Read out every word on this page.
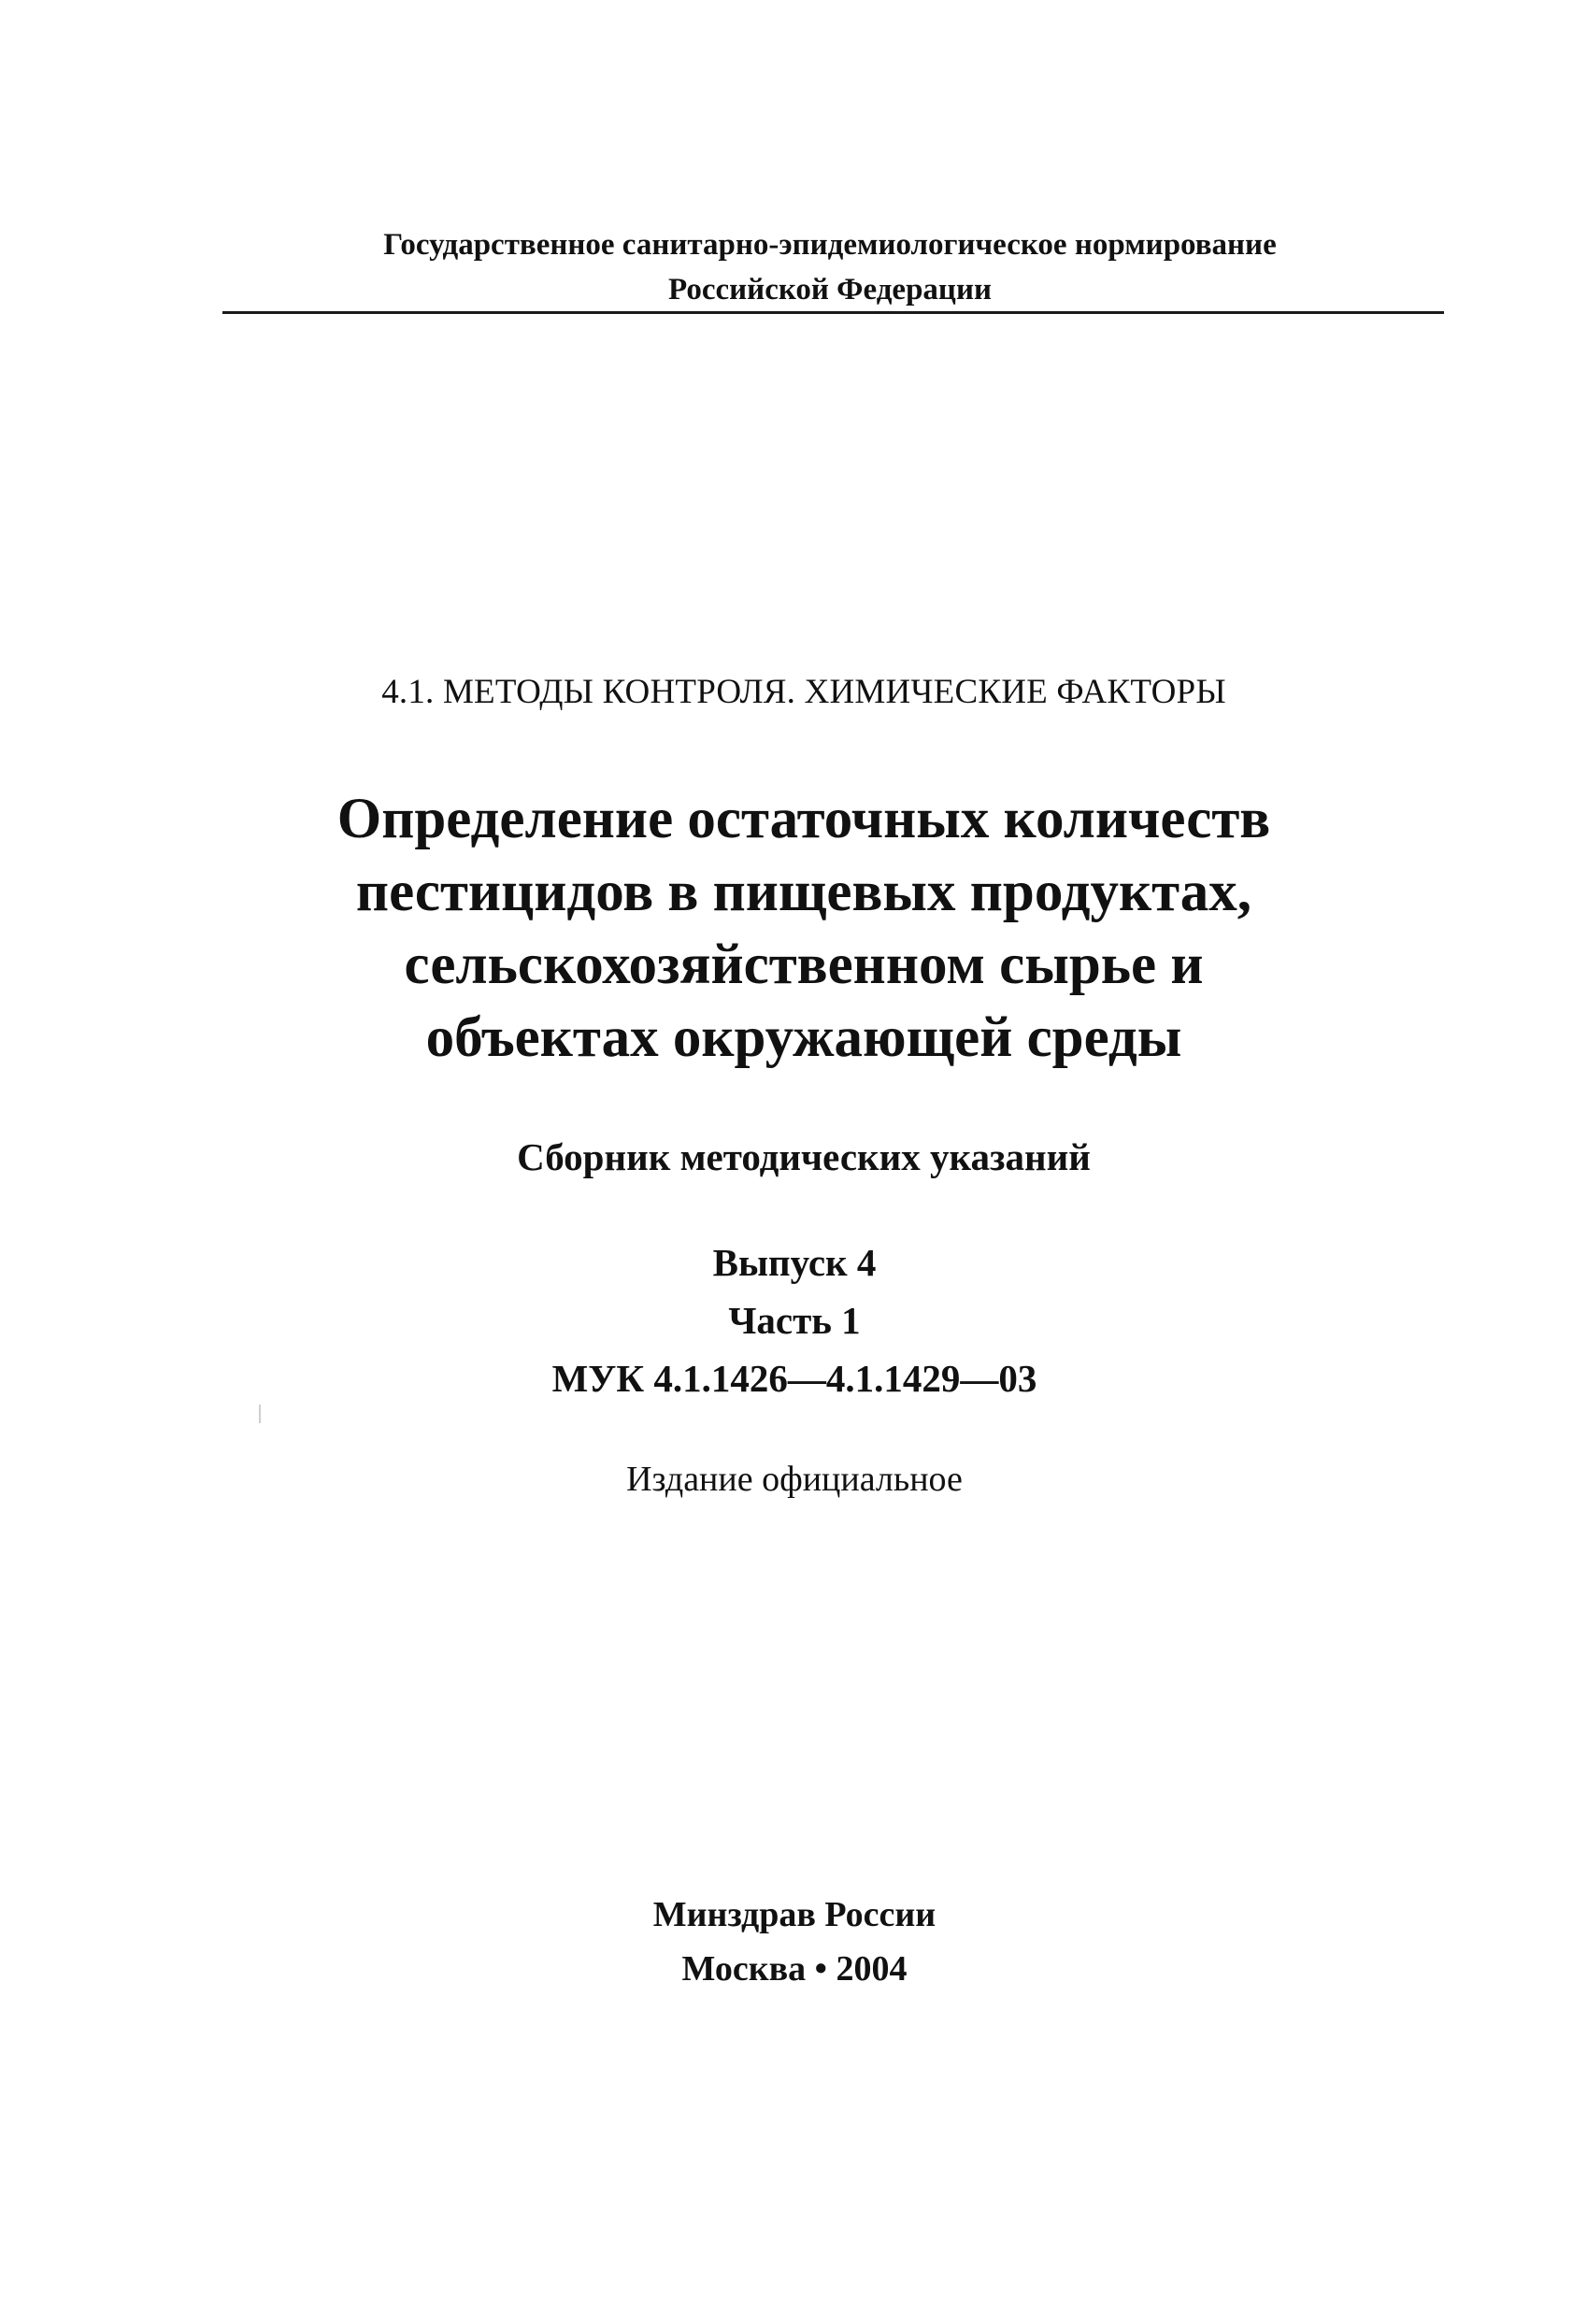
Государственное санитарно-эпидемиологическое нормирование
Российской Федерации
4.1. МЕТОДЫ КОНТРОЛЯ. ХИМИЧЕСКИЕ ФАКТОРЫ
Определение остаточных количеств
пестицидов в пищевых продуктах,
сельскохозяйственном сырье и
объектах окружающей среды
Сборник методических указаний
Выпуск 4
Часть 1
МУК 4.1.1426—4.1.1429—03
Издание официальное
Минздрав России
Москва • 2004
